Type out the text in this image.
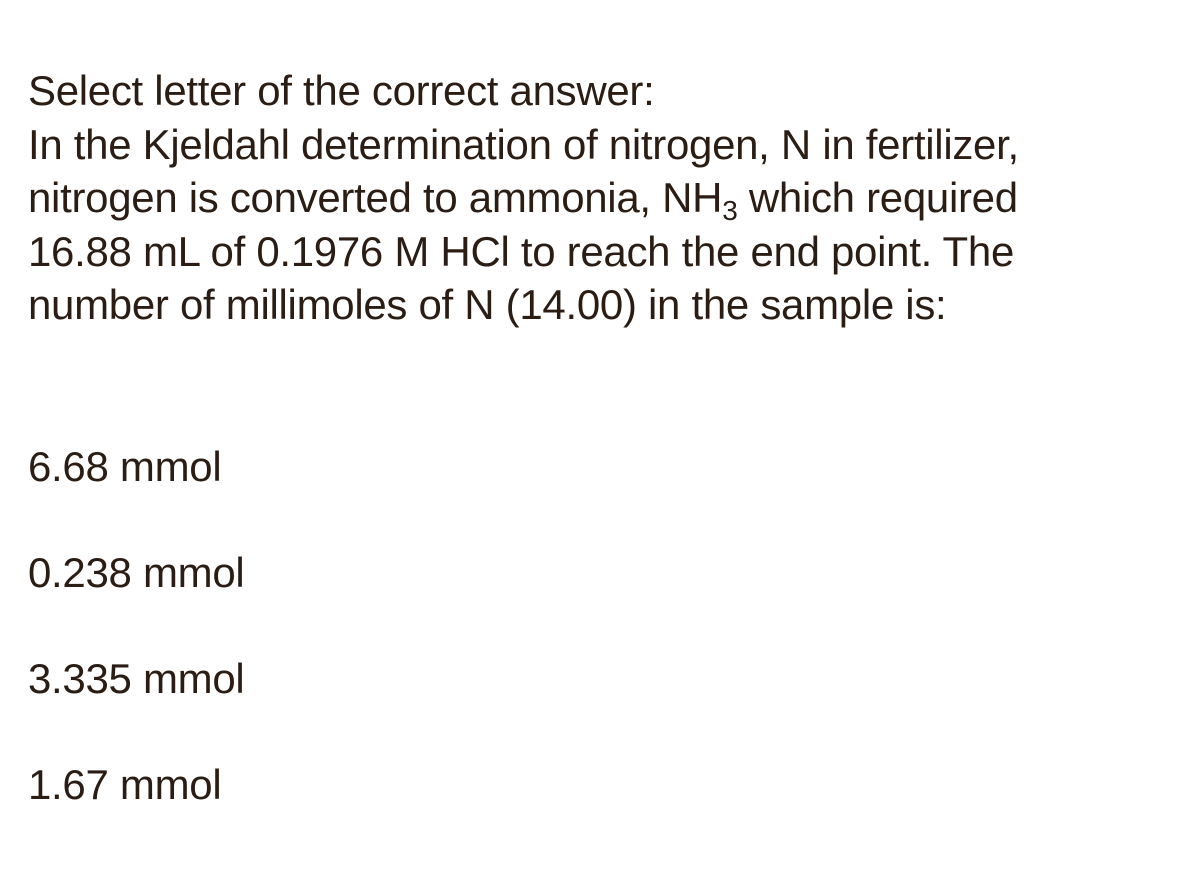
Select letter of the correct answer:
In the Kjeldahl determination of nitrogen, N in fertilizer,
nitrogen is converted to ammonia, NH3 which required
16.88 mL of 0.1976 M HCl to reach the end point. The
number of millimoles of N (14.00) in the sample is:
6.68 mmol
0.238 mmol
3.335 mmol
1.67 mmol
